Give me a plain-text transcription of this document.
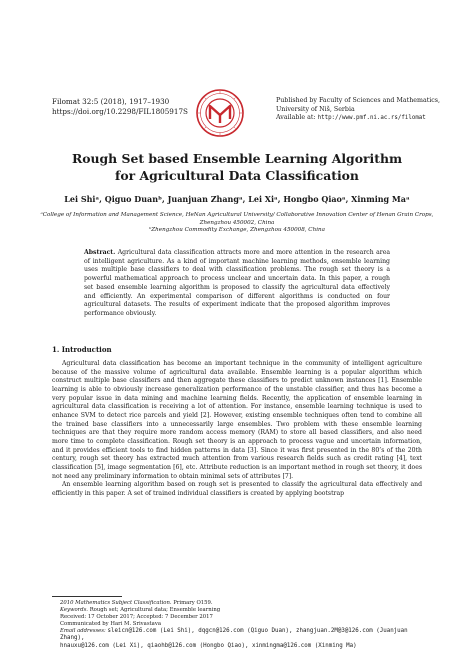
Filomat 32:5 (2018), 1917–1930
https://doi.org/10.2298/FIL1805917S
Published by Faculty of Sciences and Mathematics,
University of Niš, Serbia
Available at: http://www.pmf.ni.ac.rs/filomat
Rough Set based Ensemble Learning Algorithm
for Agricultural Data Classification
Lei Shiᵃ, Qiguo Duanᵇ, Juanjuan Zhangᵃ, Lei Xiᵃ, Hongbo Qiaoᵃ, Xinming Maᵃ
ᵃCollege of Information and Management Science, HeNan Agricultural University/ Collaborative Innovation Center of Henan Grain Crops, Zhengzhou 450002, China
ᵇZhengzhou Commodity Exchange, Zhengzhou 450008, China
Abstract. Agricultural data classification attracts more and more attention in the research area of intelligent agriculture. As a kind of important machine learning methods, ensemble learning uses multiple base classifiers to deal with classification problems. The rough set theory is a powerful mathematical approach to process unclear and uncertain data. In this paper, a rough set based ensemble learning algorithm is proposed to classify the agricultural data effectively and efficiently. An experimental comparison of different algorithms is conducted on four agricultural datasets. The results of experiment indicate that the proposed algorithm improves performance obviously.
1. Introduction

Agricultural data classification has become an important technique in the community of intelligent agriculture because of the massive volume of agricultural data available. Ensemble learning is a popular algorithm which construct multiple base classifiers and then aggregate these classifiers to predict unknown instances [1]. Ensemble learning is able to obviously increase generalization performance of the unstable classifier, and thus has become a very popular issue in data mining and machine learning fields. Recently, the application of ensemble learning in agricultural data classification is receiving a lot of attention. For instance, ensemble learning technique is used to enhance SVM to detect rice parcels and yield [2]. However, existing ensemble techniques often tend to combine all the trained base classifiers into a unnecessarily large ensembles. Two problem with these ensemble learning techniques are that they require more random access memory (RAM) to store all based classifiers, and also need more time to complete classification. Rough set theory is an approach to process vague and uncertain information, and it provides efficient tools to find hidden patterns in data [3]. Since it was first presented in the 80’s of the 20th century, rough set theory has extracted much attention from various research fields such as credit rating [4], text classification [5], image segmentation [6], etc. Attribute reduction is an important method in rough set theory, it does not need any preliminary information to obtain minimal sets of attributes [7].

An ensemble learning algorithm based on rough set is presented to classify the agricultural data effectively and efficiently in this paper. A set of trained individual classifiers is created by applying bootstrap

2010 Mathematics Subject Classification. Primary O159.
Keywords. Rough set; Agricultural data; Ensemble learning
Received: 17 October 2017; Accepted: 7 December 2017
Communicated by Hari M. Srivastava
Email addresses: sleicn@126.com (Lei Shi), dqgcn@126.com (Qiguo Duan), zhangjuan.2M@3@126.com (Juanjuan Zhang),
hnauxu@126.com (Lei Xi), qiaohb@126.com (Hongbo Qiao), xinmingma@126.com (Xinming Ma)
